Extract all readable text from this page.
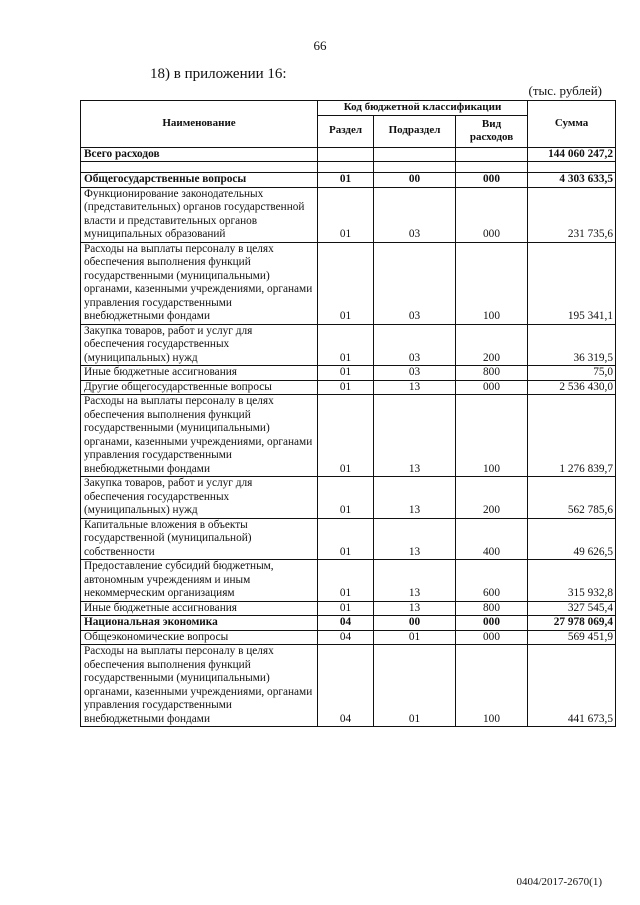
66
18) в приложении 16:
(тыс. рублей)
Наименование	Код бюджетной классификации			Сумма
	Раздел	Подраздел	Вид расходов	
Всего расходов				144 060 247,2

Общегосударственные вопросы	01	00	000	4 303 633,5
Функционирование законодательных (представительных) органов государственной власти и представительных органов муниципальных образований	01	03	000	231 735,6
Расходы на выплаты персоналу в целях обеспечения выполнения функций государственными (муниципальными) органами, казенными учреждениями, органами управления государственными внебюджетными фондами	01	03	100	195 341,1
Закупка товаров, работ и услуг для обеспечения государственных (муниципальных) нужд	01	03	200	36 319,5
Иные бюджетные ассигнования	01	03	800	75,0
Другие общегосударственные вопросы	01	13	000	2 536 430,0
Расходы на выплаты персоналу в целях обеспечения выполнения функций государственными (муниципальными) органами, казенными учреждениями, органами управления государственными внебюджетными фондами	01	13	100	1 276 839,7
Закупка товаров, работ и услуг для обеспечения государственных (муниципальных) нужд	01	13	200	562 785,6
Капитальные вложения в объекты государственной (муниципальной) собственности	01	13	400	49 626,5
Предоставление субсидий бюджетным, автономным учреждениям и иным некоммерческим организациям	01	13	600	315 932,8
Иные бюджетные ассигнования	01	13	800	327 545,4
Национальная экономика	04	00	000	27 978 069,4
Общеэкономические вопросы	04	01	000	569 451,9
Расходы на выплаты персоналу в целях обеспечения выполнения функций государственными (муниципальными) органами, казенными учреждениями, органами управления государственными внебюджетными фондами	04	01	100	441 673,5
0404/2017-2670(1)
